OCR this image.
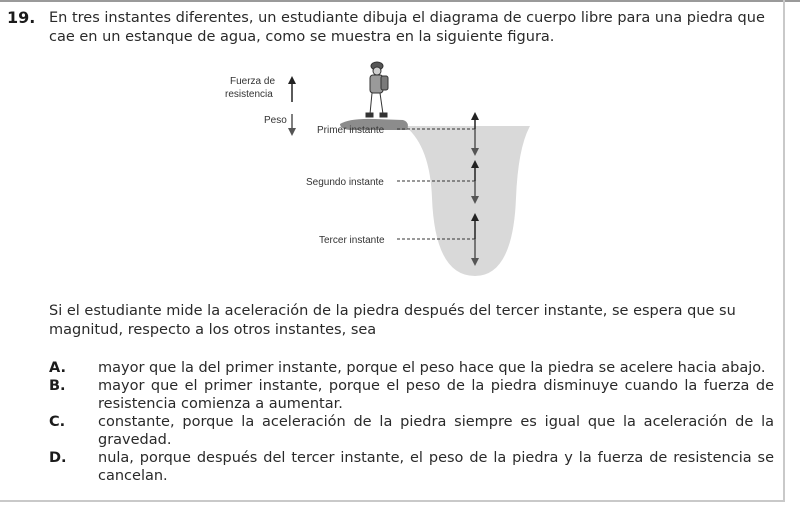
19. En tres instantes diferentes, un estudiante dibuja el diagrama de cuerpo libre para una piedra que cae en un estanque de agua, como se muestra en la siguiente figura.
Fuerza de
resistencia
Peso
Primer instante
Segundo instante
Tercer instante
Si el estudiante mide la aceleración de la piedra después del tercer instante, se espera que su magnitud, respecto a los otros instantes, sea
A. mayor que la del primer instante, porque el peso hace que la piedra se acelere hacia abajo.
B. mayor que el primer instante, porque el peso de la piedra disminuye cuando la fuerza de resistencia comienza a aumentar.
C. constante, porque la aceleración de la piedra siempre es igual que la aceleración de la gravedad.
D. nula, porque después del tercer instante, el peso de la piedra y la fuerza de resistencia se cancelan.
